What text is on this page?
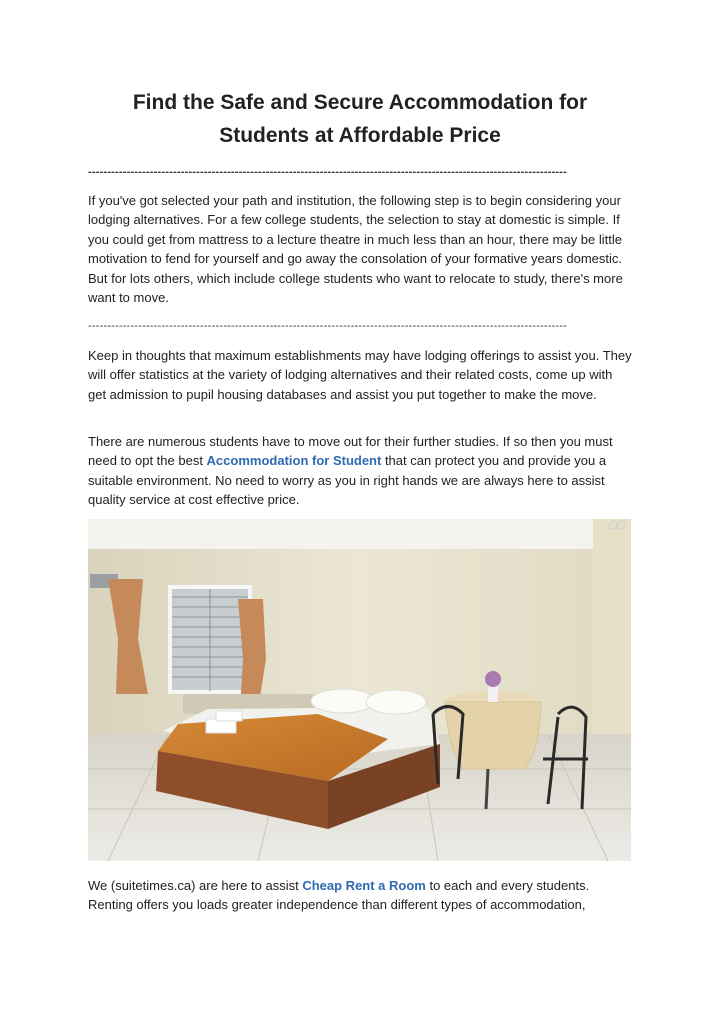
Find the Safe and Secure Accommodation for Students at Affordable Price
----------------------------------------------------------------------------------------------------------------------------

If you've got selected your path and institution, the following step is to begin considering your lodging alternatives. For a few college students, the selection to stay at domestic is simple. If you could get from mattress to a lecture theatre in much less than an hour, there may be little motivation to fend for yourself and go away the consolation of your formative years domestic. But for lots others, which include college students who want to relocate to study, there's more want to move.

----------------------------------------------------------------------------------------------------------------------------

Keep in thoughts that maximum establishments may have lodging offerings to assist you. They will offer statistics at the variety of lodging alternatives and their related costs, come up with get admission to pupil housing databases and assist you put together to make the move.

There are numerous students have to move out for their further studies. If so then you must need to opt the best Accommodation for Student that can protect you and provide you a suitable environment. No need to worry as you in right hands we are always here to assist quality service at cost effective price.

We (suitetimes.ca) are here to assist Cheap Rent a Room to each and every students. Renting offers you loads greater independence than different types of accommodation,
